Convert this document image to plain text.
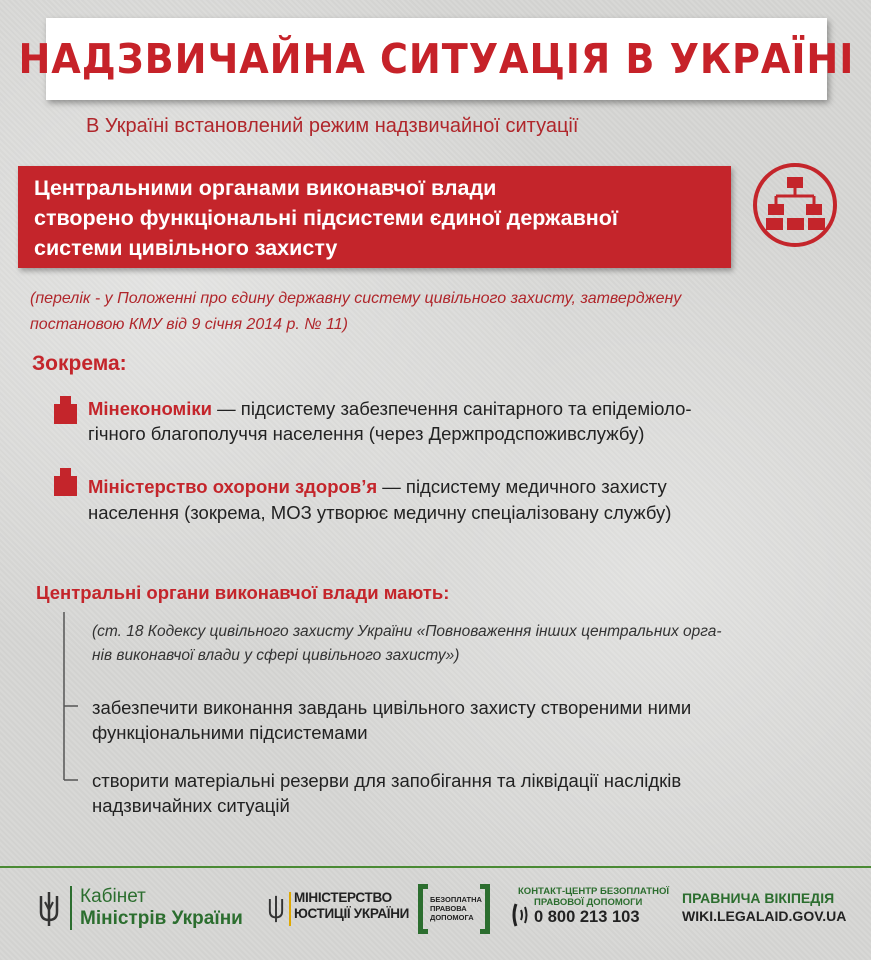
НАДЗВИЧАЙНА СИТУАЦІЯ В УКРАЇНІ
В Україні встановлений режим надзвичайної ситуації
Центральними органами виконавчої влади
створено функціональні підсистеми єдиної державної
системи цивільного захисту
(перелік - у Положенні про єдину державну систему цивільного захисту, затверджену
постановою КМУ від 9 січня 2014 р. № 11)
Зокрема:
Мінекономіки — підсистему забезпечення санітарного та епідеміоло-
гічного благополуччя населення (через Держпродспоживслужбу)
Міністерство охорони здоров’я — підсистему медичного захисту
населення (зокрема, МОЗ утворює медичну спеціалізовану службу)
Центральні органи виконавчої влади мають:
(ст. 18 Кодексу цивільного захисту України «Повноваження інших центральних орга-
нів виконавчої влади у сфері цивільного захисту»)
забезпечити виконання завдань цивільного захисту створеними ними
функціональними підсистемами
створити матеріальні резерви для запобігання та ліквідації наслідків
надзвичайних ситуацій
Кабінет
Міністрів України
МІНІСТЕРСТВО
ЮСТИЦІЇ УКРАЇНИ
БЕЗОПЛАТНА
ПРАВОВА
ДОПОМОГА
КОНТАКТ-ЦЕНТР БЕЗОПЛАТНОЇ
ПРАВОВОЇ ДОПОМОГИ
0 800 213 103
ПРАВНИЧА ВІКІПЕДІЯ
WIKI.LEGALAID.GOV.UA
